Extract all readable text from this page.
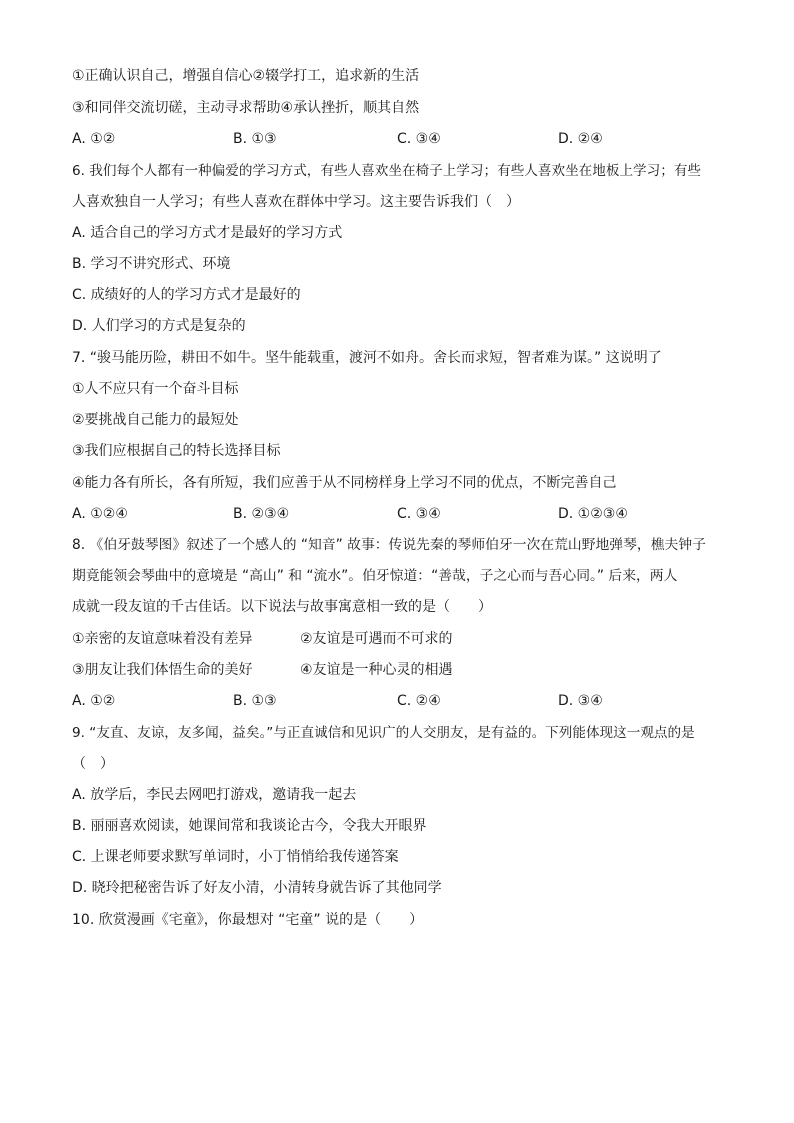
①正确认识自己，增强自信心②辍学打工，追求新的生活
③和同伴交流切磋，主动寻求帮助④承认挫折，顺其自然
A. ①②	B. ①③	C. ③④	D. ②④
6. 我们每个人都有一种偏爱的学习方式，有些人喜欢坐在椅子上学习；有些人喜欢坐在地板上学习；有些
人喜欢独自一人学习；有些人喜欢在群体中学习。这主要告诉我们（　）
A. 适合自己的学习方式才是最好的学习方式
B. 学习不讲究形式、环境
C. 成绩好的人的学习方式才是最好的
D. 人们学习的方式是复杂的
7. “骏马能历险，耕田不如牛。坚牛能载重，渡河不如舟。舍长而求短，智者难为谋。” 这说明了
①人不应只有一个奋斗目标
②要挑战自己能力的最短处
③我们应根据自己的特长选择目标
④能力各有所长，各有所短，我们应善于从不同榜样身上学习不同的优点，不断完善自己
A. ①②④	B. ②③④	C. ③④	D. ①②③④
8. 《伯牙鼓琴图》叙述了一个感人的 “知音” 故事：传说先秦的琴师伯牙一次在荒山野地弹琴，樵夫钟子
期竟能领会琴曲中的意境是 “高山” 和 “流水”。伯牙惊道：“善哉，子之心而与吾心同。” 后来，两人
成就一段友谊的千古佳话。以下说法与故事寓意相一致的是（　　）
①亲密的友谊意味着没有差异	②友谊是可遇而不可求的
③朋友让我们体悟生命的美好	④友谊是一种心灵的相遇
A. ①②	B. ①③	C. ②④	D. ③④
9. “友直、友谅，友多闻，益矣。”与正直诚信和见识广的人交朋友，是有益的。下列能体现这一观点的是
（　）
A. 放学后，李民去网吧打游戏，邀请我一起去
B. 丽丽喜欢阅读，她课间常和我谈论古今，令我大开眼界
C. 上课老师要求默写单词时，小丁悄悄给我传递答案
D. 晓玲把秘密告诉了好友小清，小清转身就告诉了其他同学
10. 欣赏漫画《宅童》，你最想对 “宅童” 说的是（　　）
